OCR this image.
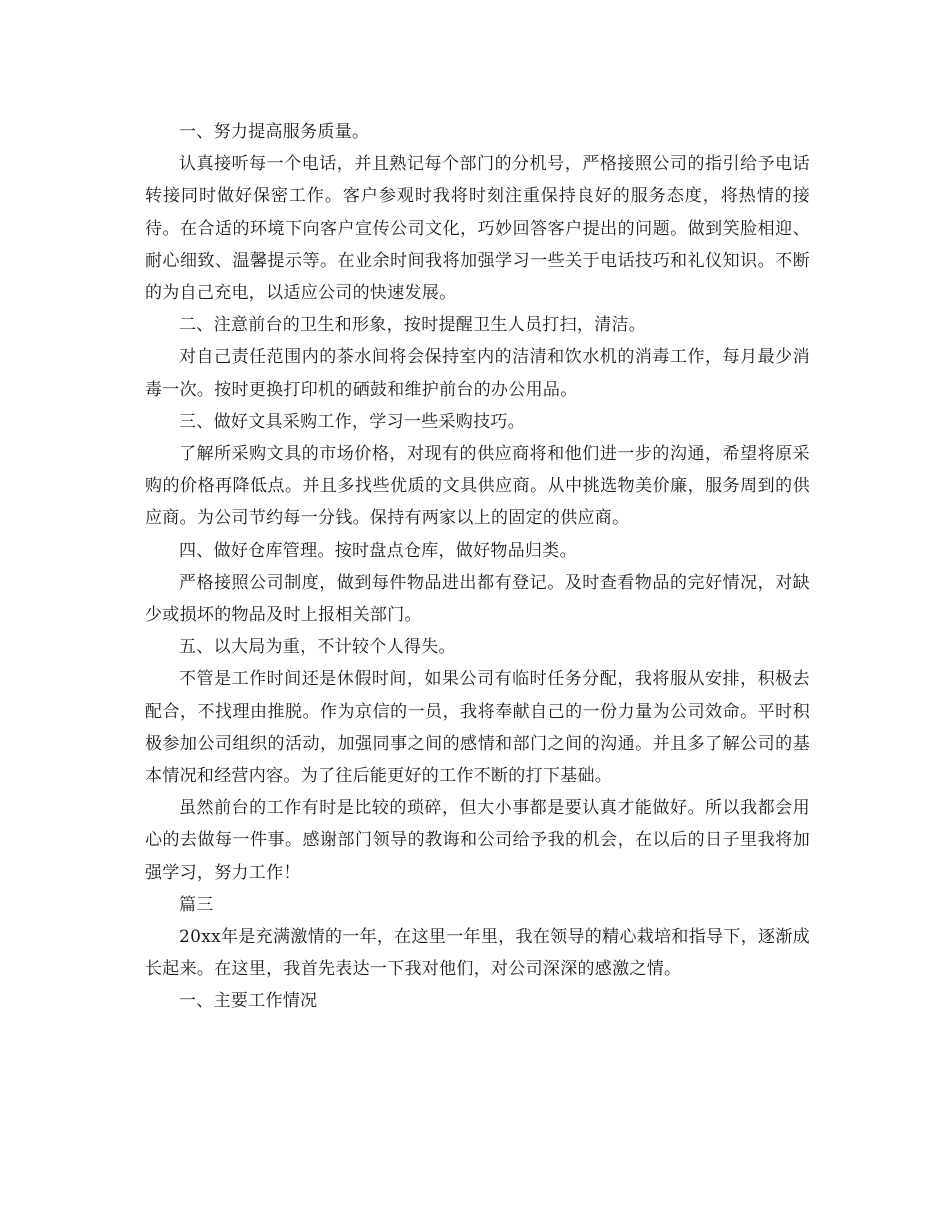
一、努力提高服务质量。

认真接听每一个电话，并且熟记每个部门的分机号，严格接照公司的指引给予电话转接同时做好保密工作。客户参观时我将时刻注重保持良好的服务态度，将热情的接待。在合适的环境下向客户宣传公司文化，巧妙回答客户提出的问题。做到笑脸相迎、耐心细致、温馨提示等。在业余时间我将加强学习一些关于电话技巧和礼仪知识。不断的为自己充电，以适应公司的快速发展。

二、注意前台的卫生和形象，按时提醒卫生人员打扫，清洁。

对自己责任范围内的茶水间将会保持室内的洁清和饮水机的消毒工作，每月最少消毒一次。按时更换打印机的硒鼓和维护前台的办公用品。

三、做好文具采购工作，学习一些采购技巧。

了解所采购文具的市场价格，对现有的供应商将和他们进一步的沟通，希望将原采购的价格再降低点。并且多找些优质的文具供应商。从中挑选物美价廉，服务周到的供应商。为公司节约每一分钱。保持有两家以上的固定的供应商。

四、做好仓库管理。按时盘点仓库，做好物品归类。

严格接照公司制度，做到每件物品进出都有登记。及时查看物品的完好情况，对缺少或损坏的物品及时上报相关部门。

五、以大局为重，不计较个人得失。

不管是工作时间还是休假时间，如果公司有临时任务分配，我将服从安排，积极去配合，不找理由推脱。作为京信的一员，我将奉献自己的一份力量为公司效命。平时积极参加公司组织的活动，加强同事之间的感情和部门之间的沟通。并且多了解公司的基本情况和经营内容。为了往后能更好的工作不断的打下基础。

虽然前台的工作有时是比较的琐碎，但大小事都是要认真才能做好。所以我都会用心的去做每一件事。感谢部门领导的教诲和公司给予我的机会，在以后的日子里我将加强学习，努力工作！

篇三

20xx年是充满激情的一年，在这里一年里，我在领导的精心栽培和指导下，逐渐成长起来。在这里，我首先表达一下我对他们，对公司深深的感激之情。

一、主要工作情况
